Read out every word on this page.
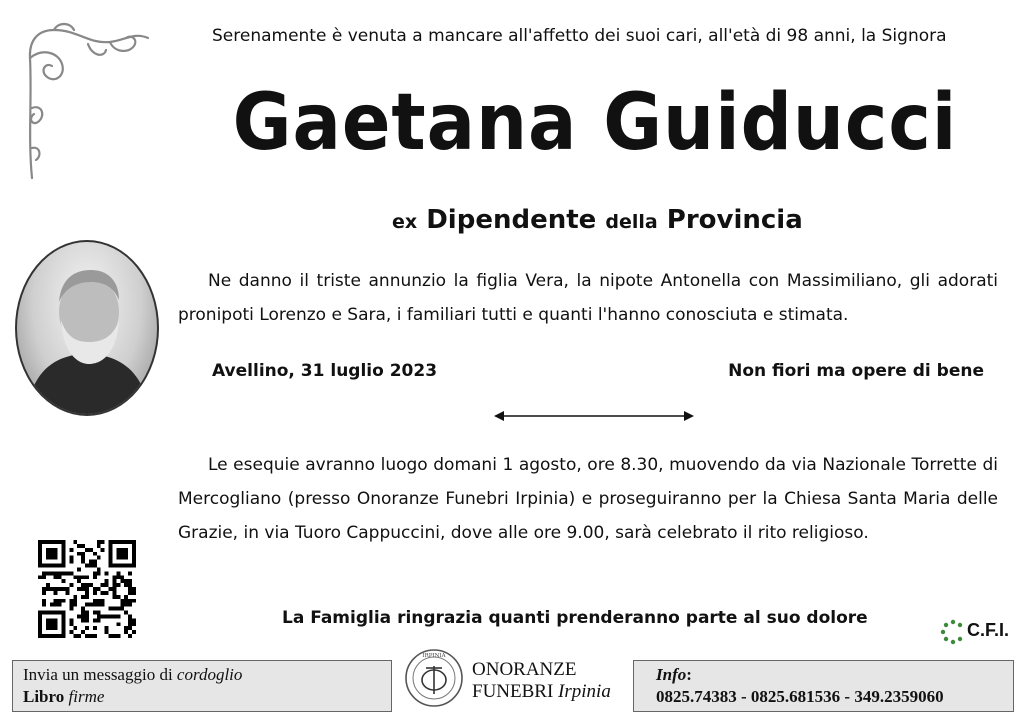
Serenamente è venuta a mancare all'affetto dei suoi cari, all'età di 98 anni, la Signora
Gaetana Guiducci
ex Dipendente della Provincia
Ne danno il triste annunzio la figlia Vera, la nipote Antonella con Massimiliano, gli adorati pronipoti Lorenzo e Sara, i familiari tutti e quanti l'hanno conosciuta e stimata.
Avellino, 31 luglio 2023	Non fiori ma opere di bene
Le esequie avranno luogo domani 1 agosto, ore 8.30, muovendo da via Nazionale Torrette di Mercogliano (presso Onoranze Funebri Irpinia) e proseguiranno per la Chiesa Santa Maria delle Grazie, in via Tuoro Cappuccini, dove alle ore 9.00, sarà celebrato il rito religioso.
La Famiglia ringrazia quanti prenderanno parte al suo dolore
C.F.I.
Invia un messaggio di cordoglio
Libro firme
IRPINIA
ONORANZE
FUNEBRI Irpinia
Info:
0825.74383 - 0825.681536 - 349.2359060
